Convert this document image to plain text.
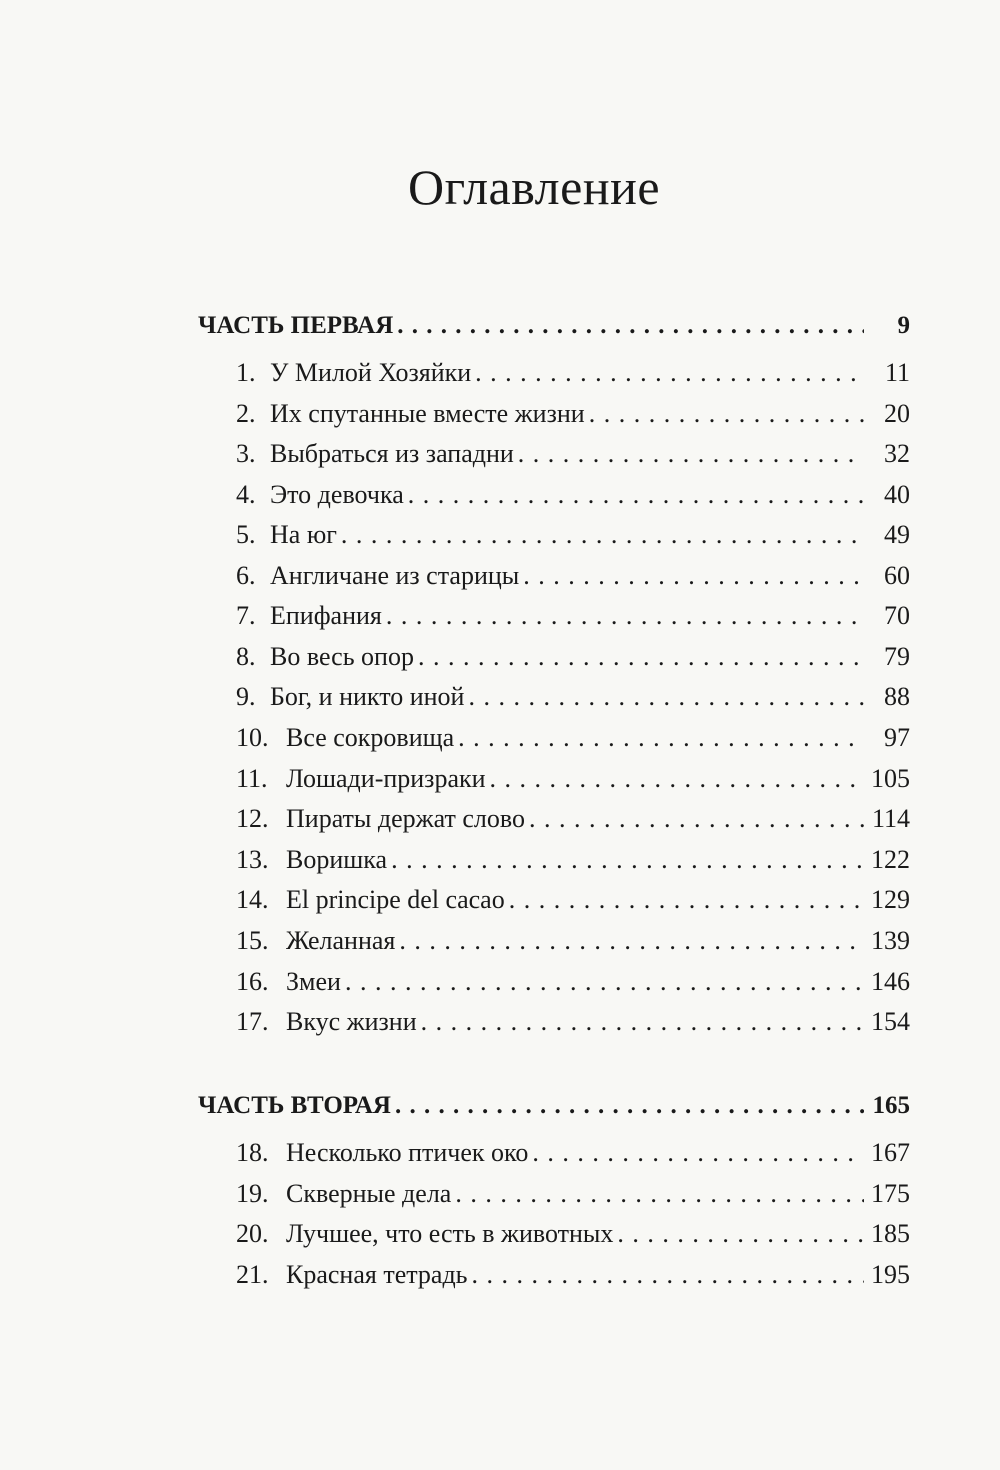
Оглавление
ЧАСТЬ ПЕРВАЯ . . .	9
1. У Милой Хозяйки . . .	11
2. Их спутанные вместе жизни . . .	20
3. Выбраться из западни . . .	32
4. Это девочка . . .	40
5. На юг . . .	49
6. Англичане из старицы . . .	60
7. Епифания . . .	70
8. Во весь опор . . .	79
9. Бог, и никто иной . . .	88
10. Все сокровища . . .	97
11. Лошади-призраки . . .	105
12. Пираты держат слово . . .	114
13. Воришка . . .	122
14. El principe del cacao . . .	129
15. Желанная . . .	139
16. Змеи . . .	146
17. Вкус жизни . . .	154
ЧАСТЬ ВТОРАЯ . . .	165
18. Несколько птичек око . . .	167
19. Скверные дела . . .	175
20. Лучшее, что есть в животных . . .	185
21. Красная тетрадь . . .	195
